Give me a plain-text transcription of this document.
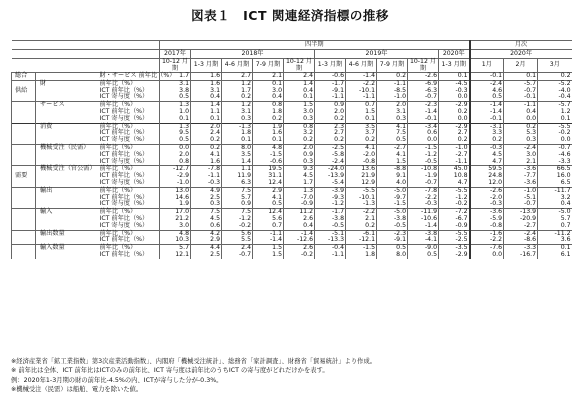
図表１　ICT 関連経済指標の推移
			四半期										月次		
			2017年	2018年				2019年				2020年	2020年		
			10-12 月期	1-3 月期	4-6 月期	7-9 月期	10-12 月期	1-3 月期	4-6 月期	7-9 月期	10-12 月期	1-3 月期	1月	2月	3月
総合		財・サービス 前年比（%）	1.7	1.6	2.7	2.1	2.4	-0.6	-1.4	0.2	-2.6	0.1	-0.1	0.1	0.2
	財	前年比（%）	3.1	1.6	1.2	0.1	1.4	-1.7	-2.2	-1.1	-6.9	-4.5	-2.4	-5.7	-5.2
供給		ICT 前年比（%）	3.8	3.1	1.7	3.0	0.4	-9.1	-10.1	-8.5	-6.3	-0.3	4.6	-0.7	-4.0
		ICT 寄与度（%）	0.5	0.4	0.2	0.4	0.1	-1.1	-1.1	-1.0	-0.7	0.0	0.5	-0.1	-0.4
	サービス	前年比（%）	1.3	1.4	1.2	0.8	1.5	0.9	0.7	2.0	-2.3	-2.9	-1.4	-1.1	-5.7
		ICT 前年比（%）	1.0	1.1	3.1	1.8	3.0	2.0	1.5	3.1	-1.4	0.2	-1.4	0.4	1.2
		ICT 寄与度（%）	0.1	0.1	0.3	0.2	0.3	0.2	0.1	0.3	-0.1	0.0	-0.1	0.0	0.1
	消費	前年比（%）	1.3	2.0	-1.3	1.9	0.8	2.3	3.5	4.1	-3.4	-2.9	-3.1	0.2	-5.5
		ICT 前年比（%）	9.5	2.4	1.8	1.6	3.2	2.7	3.7	7.5	0.6	2.7	3.3	5.3	-0.2
		ICT 寄与度（%）	0.5	0.2	0.1	0.1	0.2	0.2	0.2	0.5	0.0	0.2	0.2	0.3	0.0
	機械受注（民需）	前年比（%）	0.0	0.2	8.0	4.8	2.0	-2.5	4.1	-2.7	-1.5	-1.0	-0.3	-2.4	-0.7
		ICT 前年比（%）	2.0	4.1	3.5	-1.5	0.9	-5.8	-2.0	4.1	-1.2	-2.7	4.5	3.0	-4.6
		ICT 寄与度（%）	0.8	1.6	1.4	-0.6	0.3	-2.4	-0.8	1.5	-0.5	-1.1	4.7	2.1	-3.3
	機械受注（官公需）	前年比（%）	-12.7	-7.8	1.1	19.5	9.3	-24.0	13.6	-8.8	-10.8	45.0	59.5	-3.6	66.5
需要		ICT 前年比（%）	-2.9	-1.1	11.9	31.1	4.5	-13.9	21.9	9.1	-1.9	10.8	24.8	-7.7	16.0
		ICT 寄与度（%）	-1.0	-0.3	6.3	12.4	1.7	-5.4	12.9	4.0	-0.7	4.7	12.0	-3.6	6.5
	輸出	前年比（%）	13.0	4.9	7.5	2.9	1.3	-3.9	-5.5	-5.0	-7.8	-5.5	-2.6	-1.0	-11.7
		ICT 前年比（%）	14.6	2.5	5.7	4.1	-7.0	-9.3	-10.1	-9.7	-2.2	-1.2	-2.0	-5.1	3.2
		ICT 寄与度（%）	1.9	0.3	0.9	0.5	-0.9	-1.2	-1.3	-1.5	-0.3	-0.2	-0.3	-0.7	0.4
	輸入	前年比（%）	17.0	7.5	7.5	12.4	11.2	-1.7	-2.2	-5.0	-11.9	-7.2	-3.6	-13.9	-5.0
		ICT 前年比（%）	21.2	4.5	-1.2	5.6	2.6	-3.8	2.1	-3.8	-10.6	-6.7	-5.9	-20.9	5.7
		ICT 寄与度（%）	3.0	0.6	-0.2	0.7	0.4	-0.5	0.2	-0.5	-1.4	-0.9	-0.8	-2.7	0.7
	輸出数量	前年比（%）	4.8	4.2	5.6	-1.1	-1.4	-5.1	-6.1	-2.3	-3.8	-5.5	-1.6	-2.4	-11.2
		ICT 前年比（%）	10.3	2.9	5.5	-1.4	-12.6	-13.3	-12.1	-9.1	-4.1	-2.5	-2.2	-8.6	3.6
	輸入数量	前年比（%）	5.7	4.4	2.4	1.5	2.6	-0.4	-1.5	0.5	-9.0	-3.5	-7.6	-3.3	0.1
		ICT 前年比（%）	12.1	2.5	-0.7	1.5	-0.2	-1.1	1.8	8.0	0.5	-2.9	0.0	-16.7	6.1
※経済産業省「鉱工業指数」第3次産業活動指数」、内閣府「機械受注統計」、総務省「家計調査」、財務省「貿易統計」より作成。
※ 前年比は全体、ICT 前年比はICTのみの前年比、ICT 寄与度は前年比のうちICT の寄与度がどれだけかを表す。
例：2020年1-3月期の財の前年比-4.5%の内、ICTが寄与した分が-0.3%。
※機械受注（民需）は船舶、電力を除いた値。
